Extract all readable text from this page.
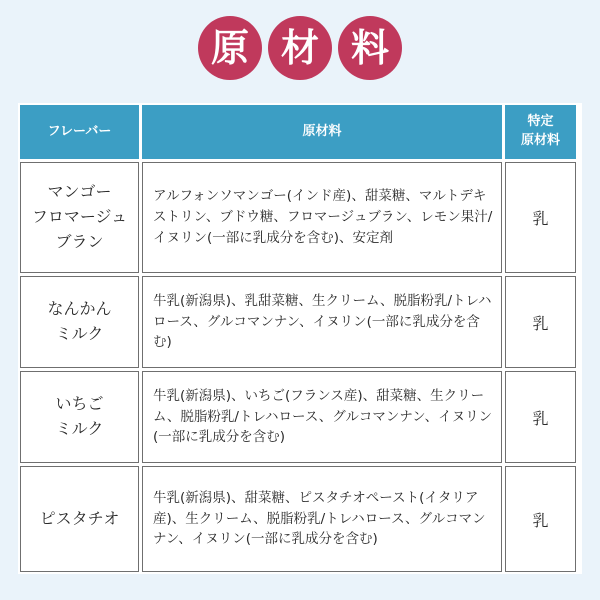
原 材 料
フレーバー	原材料
特定
原材料
マンゴー
フロマージュ
ブラン
アルフォンソマンゴー(インド産)、甜菜糖、マルトデキストリン、ブドウ糖、フロマージュブラン、レモン果汁/イヌリン(一部に乳成分を含む)、安定剤
乳
なんかん
ミルク
牛乳(新潟県)、乳甜菜糖、生クリーム、脱脂粉乳/トレハロース、グルコマンナン、イヌリン(一部に乳成分を含む)
乳
いちご
ミルク
牛乳(新潟県)、いちご(フランス産)、甜菜糖、生クリーム、脱脂粉乳/トレハロース、グルコマンナン、イヌリン(一部に乳成分を含む)
乳
ピスタチオ
牛乳(新潟県)、甜菜糖、ピスタチオペースト(イタリア産)、生クリーム、脱脂粉乳/トレハロース、グルコマンナン、イヌリン(一部に乳成分を含む)
乳
